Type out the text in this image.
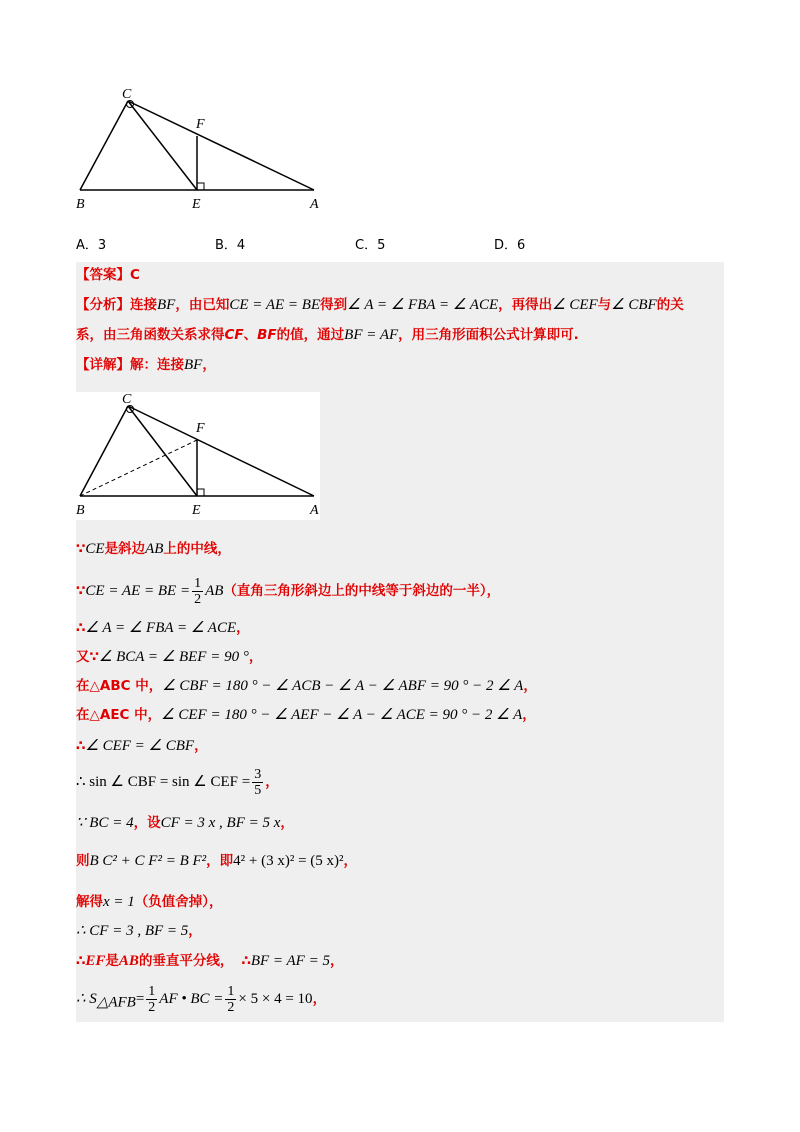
C
F
B	E	A
A．3	B．4	C．5	D．6
【答案】C
【分析】连接BF，由已知CE = AE = BE得到∠ A = ∠ FBA = ∠ ACE，再得出∠ CEF与∠ CBF的关
系，由三角函数关系求得CF、BF的值，通过BF = AF，用三角形面积公式计算即可.
【详解】解：连接BF，
C
F
B	E	A
∵CE是斜边AB上的中线，
∵CE = AE = BE = $\frac{1}{2} AB$（直角三角形斜边上的中线等于斜边的一半），
∴∠ A = ∠ FBA = ∠ ACE，
又∵∠ BCA = ∠ BEF = 90 °，
在△ABC 中，∠ CBF = 180 ° − ∠ ACB − ∠ A − ∠ ABF = 90 ° − 2 ∠ A，
在△AEC 中，∠ CEF = 180 ° − ∠ AEF − ∠ A − ∠ ACE = 90 ° − 2 ∠ A，
∴∠ CEF = ∠ CBF，
∴ sin ∠ CBF = sin ∠ CEF = $\frac{3}{5}$ ，
∵ BC = 4，设CF = 3 x , BF = 5 x，
则B C² + C F² = B F²，即4² + (3 x)² = (5 x)²，
解得x = 1（负值舍掉），
∴ CF = 3 , BF = 5，
∴EF是AB的垂直平分线， ∴BF = AF = 5，
∴ $S_{\triangle AFB}= \frac{1}{2}$ AF • BC = $\frac{1}{2} \times 5 \times 4 = 10$，
